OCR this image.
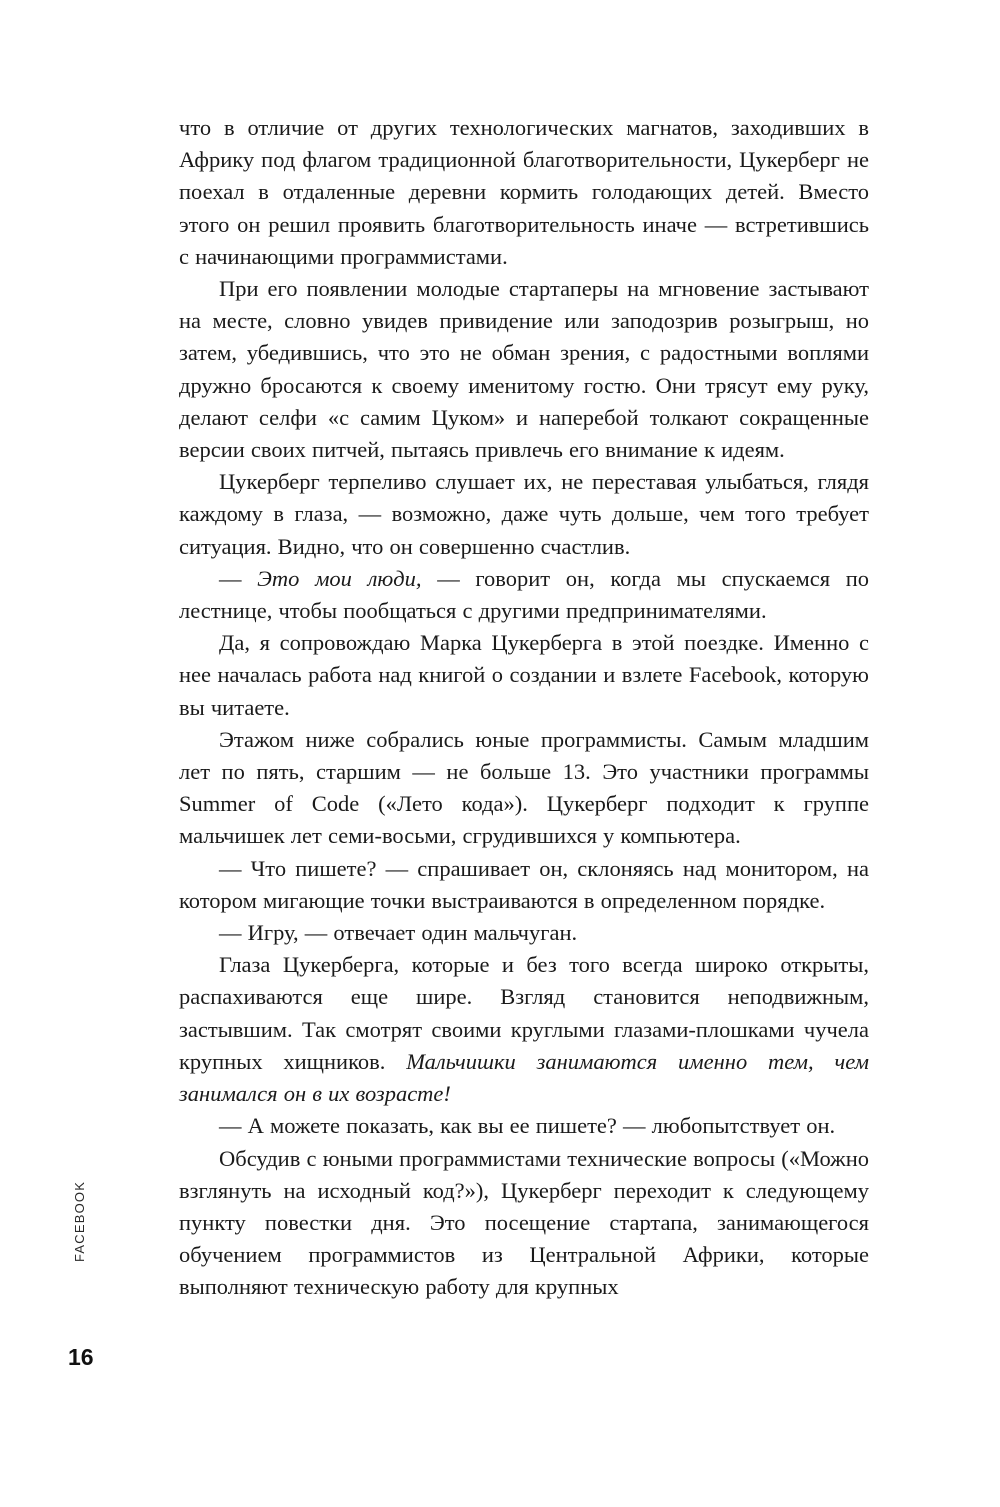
что в отличие от других технологических магнатов, заходивших в Африку под флагом традиционной благотворительности, Цукерберг не поехал в отдаленные деревни кормить голодающих детей. Вместо этого он решил проявить благотворительность иначе — встретившись с начинающими программистами.

При его появлении молодые стартаперы на мгновение застывают на месте, словно увидев привидение или заподозрив розыгрыш, но затем, убедившись, что это не обман зрения, с радостными воплями дружно бросаются к своему именитому гостю. Они трясут ему руку, делают селфи «с самим Цуком» и наперебой толкают сокращенные версии своих питчей, пытаясь привлечь его внимание к идеям.

Цукерберг терпеливо слушает их, не переставая улыбаться, глядя каждому в глаза, — возможно, даже чуть дольше, чем того требует ситуация. Видно, что он совершенно счастлив.

— Это мои люди, — говорит он, когда мы спускаемся по лестнице, чтобы пообщаться с другими предпринимателями.

Да, я сопровождаю Марка Цукерберга в этой поездке. Именно с нее началась работа над книгой о создании и взлете Facebook, которую вы читаете.

Этажом ниже собрались юные программисты. Самым младшим лет по пять, старшим — не больше 13. Это участники программы Summer of Code («Лето кода»). Цукерберг подходит к группе мальчишек лет семи-восьми, сгрудившихся у компьютера.

— Что пишете? — спрашивает он, склоняясь над монитором, на котором мигающие точки выстраиваются в определенном порядке.

— Игру, — отвечает один мальчуган.

Глаза Цукерберга, которые и без того всегда широко открыты, распахиваются еще шире. Взгляд становится неподвижным, застывшим. Так смотрят своими круглыми глазами-плошками чучела крупных хищников. Мальчишки занимаются именно тем, чем занимался он в их возрасте!

— А можете показать, как вы ее пишете? — любопытствует он.

Обсудив с юными программистами технические вопросы («Можно взглянуть на исходный код?»), Цукерберг переходит к следующему пункту повестки дня. Это посещение стартапа, занимающегося обучением программистов из Центральной Африки, которые выполняют техническую работу для крупных

FACEBOOK
16
